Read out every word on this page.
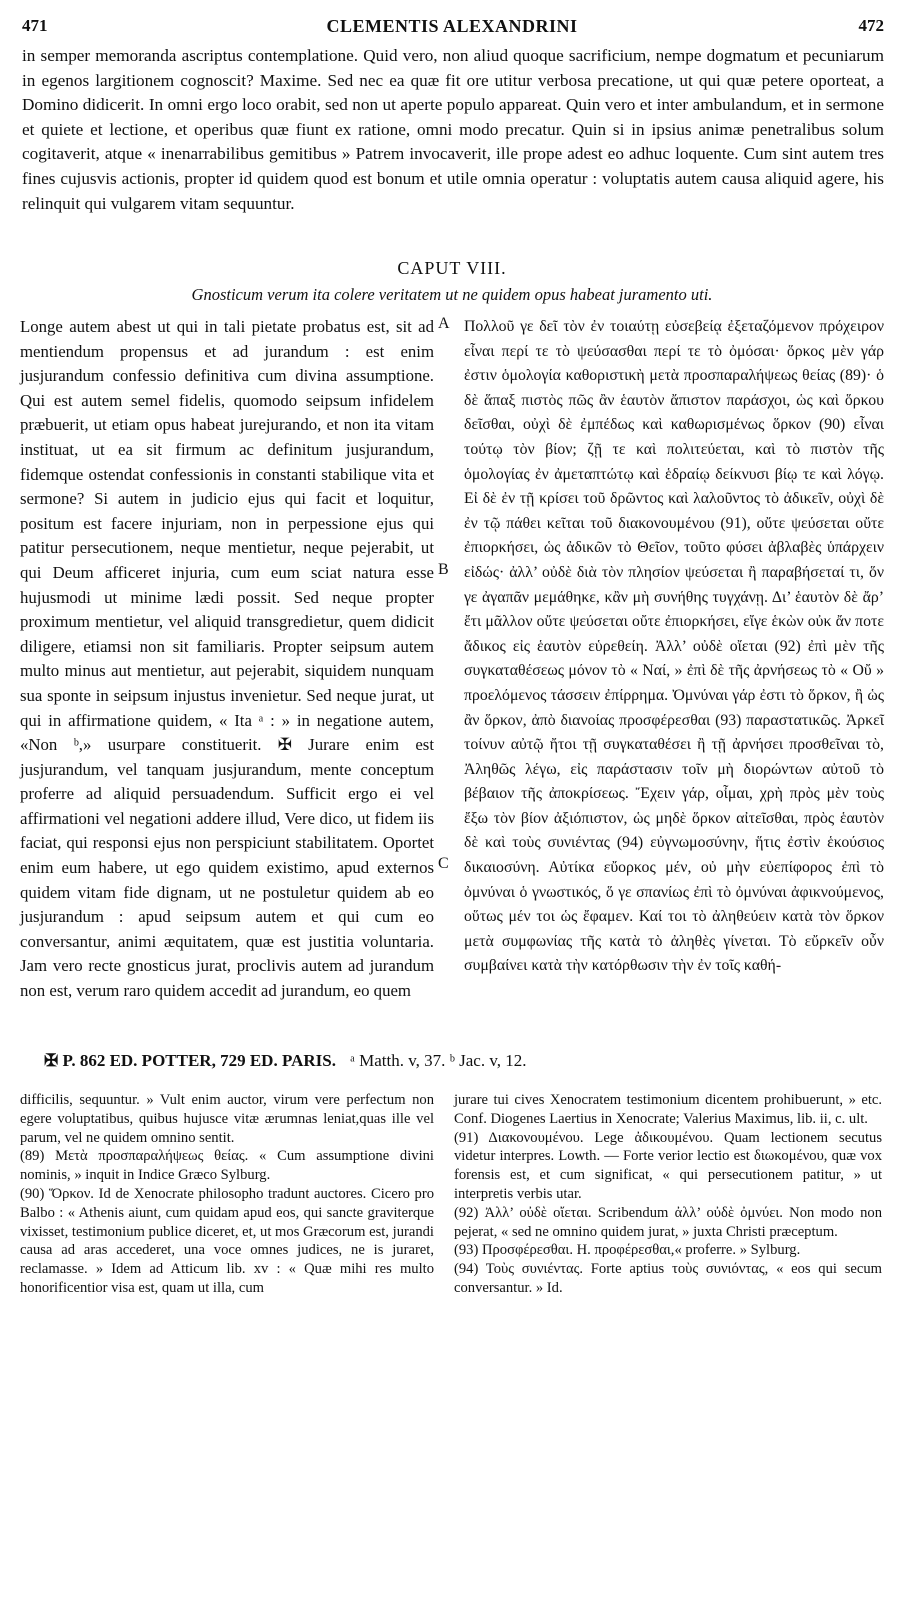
471	CLEMENTIS ALEXANDRINI	472

in semper memoranda ascriptus contemplatione. Quid vero, non aliud quoque sacrificium, nempe dogmatum et pecuniarum in egenos largitionem cognoscit? Maxime. Sed nec ea quæ fit ore utitur verbosa precatione, ut qui quæ petere oporteat, a Domino didicerit. In omni ergo loco orabit, sed non ut aperte populo appareat. Quin vero et inter ambulandum, et in sermone et quiete et lectione, et operibus quæ fiunt ex ratione, omni modo precatur. Quin si in ipsius animæ penetralibus solum cogitaverit, atque « inenarrabilibus gemitibus » Patrem invocaverit, ille prope adest eo adhuc loquente. Cum sint autem tres fines cujusvis actionis, propter id quidem quod est bonum et utile omnia operatur : voluptatis autem causa aliquid agere, his relinquit qui vulgarem vitam sequuntur.

CAPUT VIII.
Gnosticum verum ita colere veritatem ut ne quidem opus habeat juramento uti.
Longe autem abest ut qui in tali pietate probatus est, sit ad mentiendum propensus et ad jurandum : est enim jusjurandum confessio definitiva cum divina assumptione. Qui est autem semel fidelis, quomodo seipsum infidelem præbuerit, ut etiam opus habeat jurejurando, et non ita vitam instituat, ut ea sit firmum ac definitum jusjurandum, fidemque ostendat confessionis in constanti stabilique vita et sermone? Si autem in judicio ejus qui facit et loquitur, positum est facere injuriam, non in perpessione ejus qui patitur persecutionem, neque mentietur, neque pejerabit, ut qui Deum afficeret injuria, cum eum sciat natura esse hujusmodi ut minime lædi possit. Sed neque propter proximum mentietur, vel aliquid transgredietur, quem didicit diligere, etiamsi non sit familiaris. Propter seipsum autem multo minus aut mentietur, aut pejerabit, siquidem nunquam sua sponte in seipsum injustus invenietur. Sed neque jurat, ut qui in affirmatione quidem, « Ita ᵃ : » in negatione autem, «Non ᵇ,» usurpare constituerit. ✠ Jurare enim est jusjurandum, vel tanquam jusjurandum, mente conceptum proferre ad aliquid persuadendum. Sufficit ergo ei vel affirmationi vel negationi addere illud, Vere dico, ut fidem iis faciat, qui responsi ejus non perspiciunt stabilitatem. Oportet enim eum habere, ut ego quidem existimo, apud externos quidem vitam fide dignam, ut ne postuletur quidem ab eo jusjurandum : apud seipsum autem et qui cum eo conversantur, animi æquitatem, quæ est justitia voluntaria. Jam vero recte gnosticus jurat, proclivis autem ad jurandum non est, verum raro quidem accedit ad jurandum, eo quem
A
B
C
Πολλοῦ γε δεῖ τὸν ἐν τοιαύτῃ εὐσεβείᾳ ἐξεταζόμενον πρόχειρον εἶναι περί τε τὸ ψεύσασθαι περί τε τὸ ὀμόσαι· ὅρκος μὲν γάρ ἐστιν ὁμολογία καθοριστικὴ μετὰ προσπαραλήψεως θείας (89)· ὁ δὲ ἅπαξ πιστὸς πῶς ἂν ἑαυτὸν ἄπιστον παράσχοι, ὡς καὶ ὅρκου δεῖσθαι, οὐχὶ δὲ ἐμπέδως καὶ καθωρισμένως ὅρκον (90) εἶναι τούτῳ τὸν βίον; ζῇ τε καὶ πολιτεύεται, καὶ τὸ πιστὸν τῆς ὁμολογίας ἐν ἀμεταπτώτῳ καὶ ἑδραίῳ δείκνυσι βίῳ τε καὶ λόγῳ. Εἰ δὲ ἐν τῇ κρίσει τοῦ δρῶντος καὶ λαλοῦντος τὸ ἀδικεῖν, οὐχὶ δὲ ἐν τῷ πάθει κεῖται τοῦ διακονουμένου (91), οὔτε ψεύσεται οὔτε ἐπιορκήσει, ὡς ἀδικῶν τὸ Θεῖον, τοῦτο φύσει ἀβλαβὲς ὑπάρχειν εἰδώς· ἀλλ’ οὐδὲ διὰ τὸν πλησίον ψεύσεται ἢ παραβήσεταί τι, ὅν γε ἀγαπᾶν μεμάθηκε, κἂν μὴ συνήθης τυγχάνῃ. Δι’ ἑαυτὸν δὲ ἄρ’ ἔτι μᾶλλον οὔτε ψεύσεται οὔτε ἐπιορκήσει, εἴγε ἑκὼν οὐκ ἄν ποτε ἄδικος εἰς ἑαυτὸν εὑρεθείη. Ἀλλ’ οὐδὲ οἴεται (92) ἐπὶ μὲν τῆς συγκαταθέσεως μόνον τὸ « Ναί, » ἐπὶ δὲ τῆς ἀρνήσεως τὸ « Οὔ » προελόμενος τάσσειν ἐπίρρημα. Ὀμνύναι γάρ ἐστι τὸ ὅρκον, ἢ ὡς ἂν ὅρκον, ἀπὸ διανοίας προσφέρεσθαι (93) παραστατικῶς. Ἀρκεῖ τοίνυν αὐτῷ ἤτοι τῇ συγκαταθέσει ἢ τῇ ἀρνήσει προσθεῖναι τὸ, Ἀληθῶς λέγω, εἰς παράστασιν τοῖν μὴ διορώντων αὐτοῦ τὸ βέβαιον τῆς ἀποκρίσεως. Ἔχειν γάρ, οἶμαι, χρὴ πρὸς μὲν τοὺς ἔξω τὸν βίον ἀξιόπιστον, ὡς μηδὲ ὅρκον αἰτεῖσθαι, πρὸς ἑαυτὸν δὲ καὶ τοὺς συνιέντας (94) εὐγνωμοσύνην, ἥτις ἐστὶν ἑκούσιος δικαιοσύνη. Αὐτίκα εὔορκος μέν, οὐ μὴν εὐεπίφορος ἐπὶ τὸ ὀμνύναι ὁ γνωστικός, ὅ γε σπανίως ἐπὶ τὸ ὀμνύναι ἀφικνούμενος, οὕτως μέν τοι ὡς ἔφαμεν. Καί τοι τὸ ἀληθεύειν κατὰ τὸν ὅρκον μετὰ συμφωνίας τῆς κατὰ τὸ ἀληθὲς γίνεται. Τὸ εὔρκεῖν οὖν συμβαίνει κατὰ τὴν κατόρθωσιν τὴν ἐν τοῖς καθή-
✠ P. 862 ED. POTTER, 729 ED. PARIS. ᵃ Matth. v, 37. ᵇ Jac. v, 12.

difficilis, sequuntur. » Vult enim auctor, virum vere perfectum non egere voluptatibus, quibus hujusce vitæ ærumnas leniat,quas ille vel parum, vel ne quidem omnino sentit.

(89) Μετὰ προσπαραλήψεως θείας. « Cum assumptione divini nominis, » inquit in Indice Græco Sylburg.

(90) Ὅρκον. Id de Xenocrate philosopho tradunt auctores. Cicero pro Balbo : « Athenis aiunt, cum quidam apud eos, qui sancte graviterque vixisset, testimonium publice diceret, et, ut mos Græcorum est, jurandi causa ad aras accederet, una voce omnes judices, ne is juraret, reclamasse. » Idem ad Atticum lib. xv : « Quæ mihi res multo honorificentior visa est, quam ut illa, cum

jurare tui cives Xenocratem testimonium dicentem prohibuerunt, » etc. Conf. Diogenes Laertius in Xenocrate; Valerius Maximus, lib. ii, c. ult.

(91) Διακονουμένου. Lege ἀδικουμένου. Quam lectionem secutus videtur interpres. Lowth. — Forte verior lectio est διωκομένου, quæ vox forensis est, et cum significat, « qui persecutionem patitur, » ut interpretis verbis utar.

(92) Ἀλλ’ οὐδὲ οἴεται. Scribendum ἀλλ’ οὐδὲ ὀμνύει. Non modo non pejerat, « sed ne omnino quidem jurat, » juxta Christi præceptum.

(93) Προσφέρεσθαι. H. προφέρεσθαι,« proferre. » Sylburg.

(94) Τοὺς συνιέντας. Forte aptius τοὺς συνιόντας, « eos qui secum conversantur. » Id.
